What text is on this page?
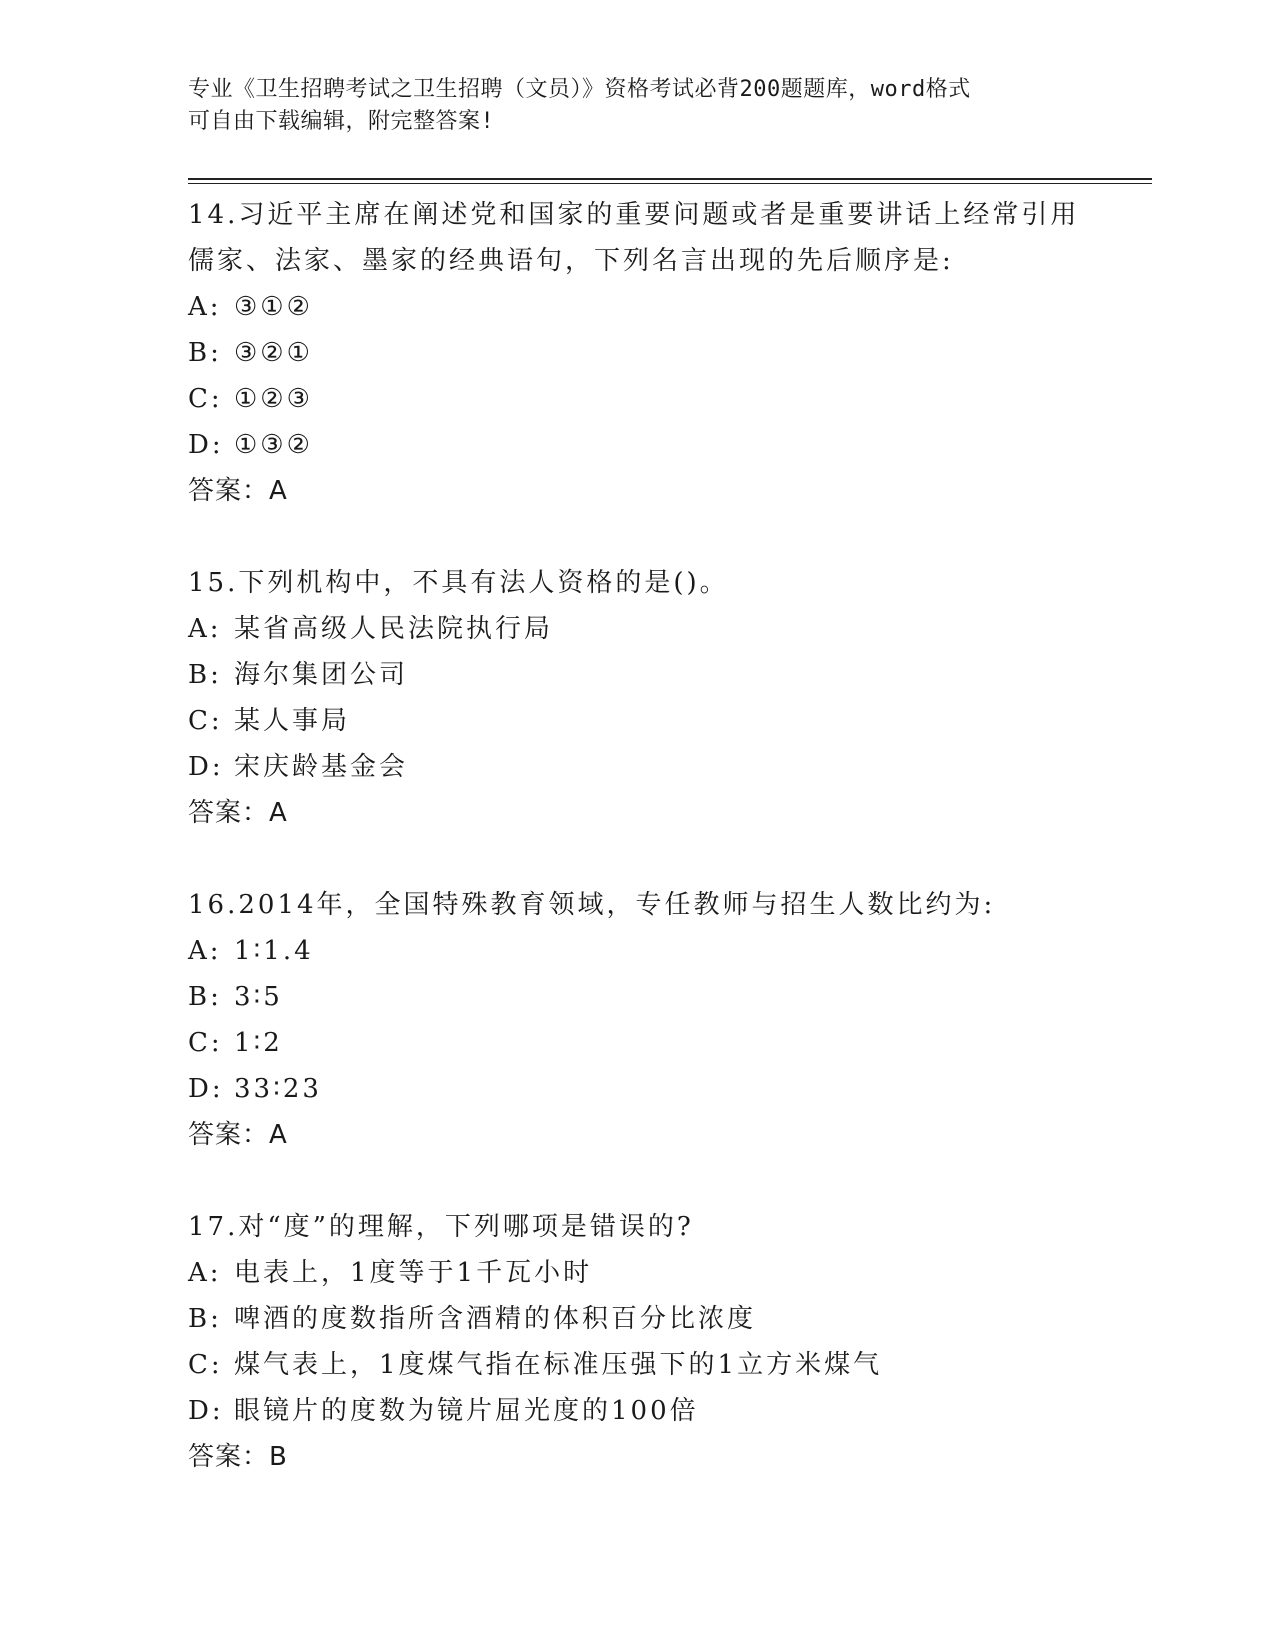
专业《卫生招聘考试之卫生招聘（文员）》资格考试必背200题题库，word格式
可自由下载编辑，附完整答案!
14.习近平主席在阐述党和国家的重要问题或者是重要讲话上经常引用儒家、法家、墨家的经典语句，下列名言出现的先后顺序是:
A: ③①②
B: ③②①
C: ①②③
D: ①③②
答案：A
15.下列机构中，不具有法人资格的是()。
A: 某省高级人民法院执行局
B: 海尔集团公司
C: 某人事局
D: 宋庆龄基金会
答案：A
16.2014年，全国特殊教育领域，专任教师与招生人数比约为:
A: 1∶1.4
B: 3∶5
C: 1∶2
D: 33∶23
答案：A
17.对“度”的理解，下列哪项是错误的?
A: 电表上，1度等于1千瓦小时
B: 啤酒的度数指所含酒精的体积百分比浓度
C: 煤气表上，1度煤气指在标准压强下的1立方米煤气
D: 眼镜片的度数为镜片屈光度的100倍
答案：B
